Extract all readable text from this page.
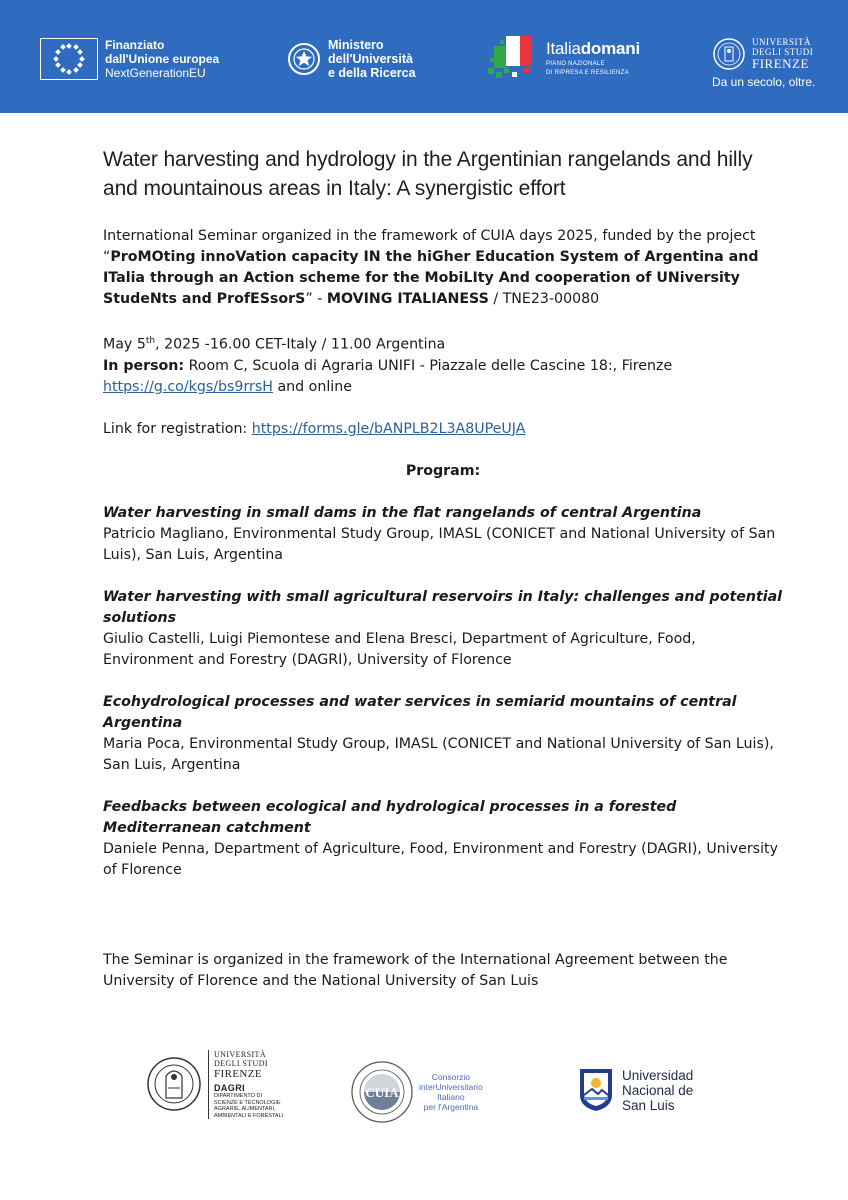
Finanziato
dall'Unione europea
NextGenerationEU
Ministero
dell'Università
e della Ricerca
Italiadomani
PIANO NAZIONALE
DI RIPRESA E RESILIENZA
UNIVERSITÀ
DEGLI STUDI
FIRENZE
Da un secolo, oltre.
Water harvesting and hydrology in the Argentinian rangelands and hilly and mountainous areas in Italy: A synergistic effort

International Seminar organized in the framework of CUIA days 2025, funded by the project “ProMOting innoVation capacity IN the hiGher Education System of Argentina and ITalia through an Action scheme for the MobiLIty And cooperation of UNiversity StudeNts and ProfESsorS” - MOVING ITALIANESS / TNE23-00080

May 5th, 2025 -16.00 CET-Italy / 11.00 Argentina

In person: Room C, Scuola di Agraria UNIFI - Piazzale delle Cascine 18:, Firenze

https://g.co/kgs/bs9rrsH and online

Link for registration: https://forms.gle/bANPLB2L3A8UPeUJA

Program:

Water harvesting in small dams in the flat rangelands of central Argentina

Patricio Magliano, Environmental Study Group, IMASL (CONICET and National University of San Luis), San Luis, Argentina

Water harvesting with small agricultural reservoirs in Italy: challenges and potential solutions

Giulio Castelli, Luigi Piemontese and Elena Bresci, Department of Agriculture, Food, Environment and Forestry (DAGRI), University of Florence

Ecohydrological processes and water services in semiarid mountains of central Argentina

Maria Poca, Environmental Study Group, IMASL (CONICET and National University of San Luis), San Luis, Argentina

Feedbacks between ecological and hydrological processes in a forested Mediterranean catchment

Daniele Penna, Department of Agriculture, Food, Environment and Forestry (DAGRI), University of Florence

The Seminar is organized in the framework of the International Agreement between the University of Florence and the National University of San Luis

UNIVERSITÀ
DEGLI STUDI
FIRENZE
DAGRI
DIPARTIMENTO DI
SCIENZE E TECNOLOGIE
AGRARIE, ALIMENTARI,
AMBIENTALI E FORESTALI
CUIA
Consorzio
interUniversitario
Italiano
per l'Argentina
Universidad
Nacional de
San Luis
